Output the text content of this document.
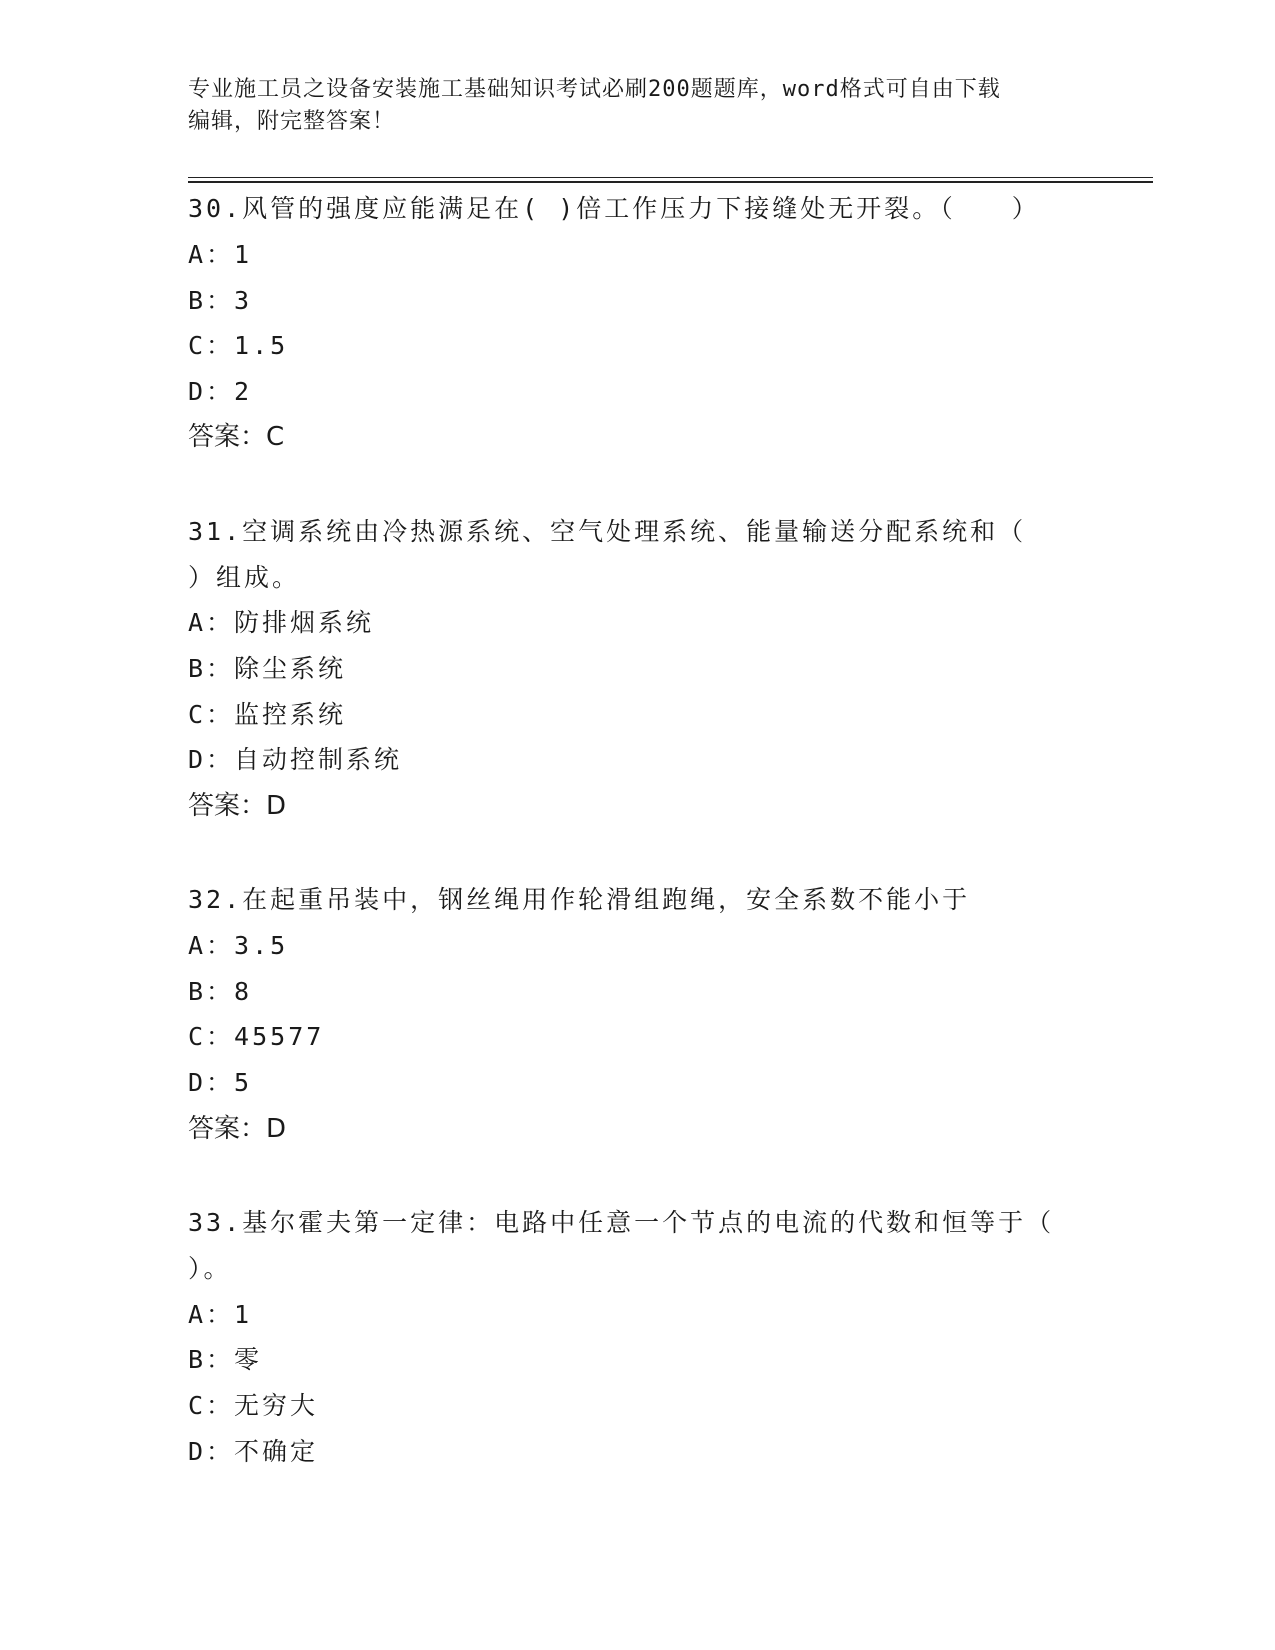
专业施工员之设备安装施工基础知识考试必刷200题题库，word格式可自由下载
编辑，附完整答案！
30.风管的强度应能满足在( )倍工作压力下接缝处无开裂。（　　）
A：1
B：3
C：1.5
D：2
答案：C
31.空调系统由冷热源系统、空气处理系统、能量输送分配系统和（
）组成。
A：防排烟系统
B：除尘系统
C：监控系统
D：自动控制系统
答案：D
32.在起重吊装中，钢丝绳用作轮滑组跑绳，安全系数不能小于
A：3.5
B：8
C：45577
D：5
答案：D
33.基尔霍夫第一定律：电路中任意一个节点的电流的代数和恒等于（
）。
A：1
B：零
C：无穷大
D：不确定
